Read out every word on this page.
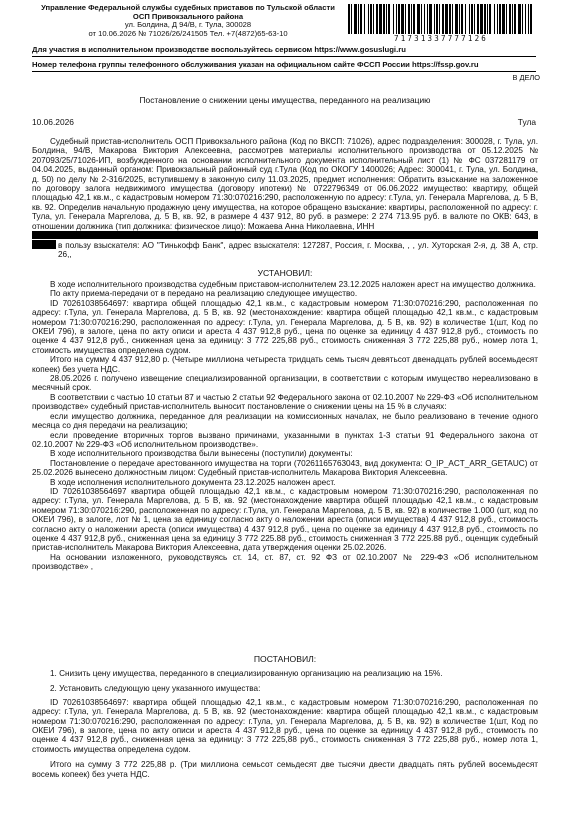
Управление Федеральной службы судебных приставов по Тульской области
ОСП Привокзального района
ул. Болдина, Д 94/В, г. Тула, 300028
от 10.06.2026 № 71026/26/241505 Тел. +7(4872)65-63-10
71731337777126
Для участия в исполнительном производстве воспользуйтесь сервисом https://www.gosuslugi.ru
Номер телефона группы телефонного обслуживания указан на официальном сайте ФССП России https://fssp.gov.ru
В ДЕЛО
Постановление о снижении цены имущества, переданного на реализацию
10.06.2026	Тула

Судебный пристав-исполнитель ОСП Привокзального района (Код по ВКСП: 71026), адрес подразделения: 300028, г. Тула, ул. Болдина, 94/В, Макарова Виктория Алексеевна, рассмотрев материалы исполнительного производства от 05.12.2025 № 207093/25/71026-ИП, возбужденного на основании исполнительного документа исполнительный лист (1) № ФС 037281179 от 04.04.2025, выданный органом: Привокзальный районный суд г.Тула (Код по ОКОГУ 1400026; Адрес: 300041, г. Тула, ул. Болдина, д. 50) по делу № 2-316/2025, вступившему в законную силу 11.03.2025, предмет исполнения: Обратить взыскание на заложенное по договору залога недвижимого имущества (договору ипотеки) № 0722796349 от 06.06.2022 имущество: квартиру, общей площадью 42,1 кв.м., с кадастровым номером 71:30:070216:290, расположенную по адресу: г.Тула, ул. Генерала Маргелова, д. 5 В, кв. 92. Определив начальную продажную цену имущества, на которое обращено взыскание: квартиры, расположенной по адресу: г. Тула, ул. Генерала Маргелова, д. 5 В, кв. 92, в размере 4 437 912, 80 руб. в размере: 2 274 713.95 руб. в валюте по ОКВ: 643, в отношении должника (тип должника: физическое лицо): Можаева Анна Николаевна, ИНН

в пользу взыскателя: АО "Тинькофф Банк", адрес взыскателя: 127287, Россия, г. Москва, , , ул. Хуторская 2-я, д. 38 А, стр. 26,,

УСТАНОВИЛ:

В ходе исполнительного производства судебным приставом-исполнителем 23.12.2025 наложен арест на имущество должника.

По акту приема-передачи от в передано на реализацию следующее имущество.

ID 70261038564697: квартира общей площадью 42,1 кв.м., с кадастровым номером 71:30:070216:290, расположенная по адресу: г.Тула, ул. Генерала Маргелова, д. 5 В, кв. 92 (местонахождение: квартира общей площадью 42,1 кв.м., с кадастровым номером 71:30:070216:290, расположенная по адресу: г.Тула, ул. Генерала Маргелова, д. 5 В, кв. 92) в количестве 1(шт, Код по ОКЕИ 796), в залоге, цена по акту описи и ареста 4 437 912,8 руб., цена по оценке за единицу 4 437 912,8 руб., стоимость по оценке 4 437 912,8 руб., сниженная цена за единицу: 3 772 225,88 руб., стоимость сниженная 3 772 225,88 руб., номер лота 1, стоимость имущества определена судом.

Итого на сумму 4 437 912,80 р. (Четыре миллиона четыреста тридцать семь тысяч девятьсот двенадцать рублей восемьдесят копеек) без учета НДС.

28.05.2026 г. получено извещение специализированной организации, в соответствии с которым имущество нереализовано в месячный срок.

В соответствии с частью 10 статьи 87 и частью 2 статьи 92 Федерального закона от 02.10.2007 № 229-ФЗ «Об исполнительном производстве» судебный пристав-исполнитель выносит постановление о снижении цены на 15 % в случаях:

если имущество должника, переданное для реализации на комиссионных началах, не было реализовано в течение одного месяца со дня передачи на реализацию;

если проведение вторичных торгов вызвано причинами, указанными в пунктах 1-3 статьи 91 Федерального закона от 02.10.2007 № 229-ФЗ «Об исполнительном производстве».

В ходе исполнительного производства были вынесены (поступили) документы:

Постановление о передаче арестованного имущества на торги (70261165763043, вид документа: O_IP_ACT_ARR_GETAUC) от 25.02.2026 вынесено должностным лицом: Судебный пристав-исполнитель Макарова Виктория Алексеевна.

В ходе исполнения исполнительного документа 23.12.2025 наложен арест.

ID 70261038564697 квартира общей площадью 42,1 кв.м., с кадастровым номером 71:30:070216:290, расположенная по адресу: г.Тула, ул. Генерала Маргелова, д. 5 В, кв. 92 (местонахождение квартира общей площадью 42,1 кв.м., с кадастровым номером 71:30:070216:290, расположенная по адресу: г.Тула, ул. Генерала Маргелова, д. 5 В, кв. 92) в количестве 1.000 (шт, код по ОКЕИ 796), в залоге, лот № 1, цена за единицу согласно акту о наложении ареста (описи имущества) 4 437 912,8 руб., стоимость согласно акту о наложении ареста (описи имущества) 4 437 912,8 руб., цена по оценке за единицу 4 437 912,8 руб., стоимость по оценке 4 437 912,8 руб., сниженная цена за единицу 3 772 225.88 руб., стоимость сниженная 3 772 225.88 руб., оценщик судебный пристав-исполнитель Макарова Виктория Алексеевна, дата утверждения оценки 25.02.2026.

На основании изложенного, руководствуясь ст. 14, ст. 87, ст. 92 ФЗ от 02.10.2007 № 229-ФЗ «Об исполнительном производстве» ,

ПОСТАНОВИЛ:

1. Снизить цену имущества, переданного в специализированную организацию на реализацию на 15%.

2. Установить следующую цену указанного имущества:

ID 70261038564697: квартира общей площадью 42,1 кв.м., с кадастровым номером 71:30:070216:290, расположенная по адресу: г.Тула, ул. Генерала Маргелова, д. 5 В, кв. 92 (местонахождение: квартира общей площадью 42,1 кв.м., с кадастровым номером 71:30:070216:290, расположенная по адресу: г.Тула, ул. Генерала Маргелова, д. 5 В, кв. 92) в количестве 1(шт, Код по ОКЕИ 796), в залоге, цена по акту описи и ареста 4 437 912,8 руб., цена по оценке за единицу 4 437 912,8 руб., стоимость по оценке 4 437 912,8 руб., сниженная цена за единицу: 3 772 225,88 руб., стоимость сниженная 3 772 225,88 руб., номер лота 1, стоимость имущества определена судом.

Итого на сумму 3 772 225,88 р. (Три миллиона семьсот семьдесят две тысячи двести двадцать пять рублей восемьдесят восемь копеек) без учета НДС.
